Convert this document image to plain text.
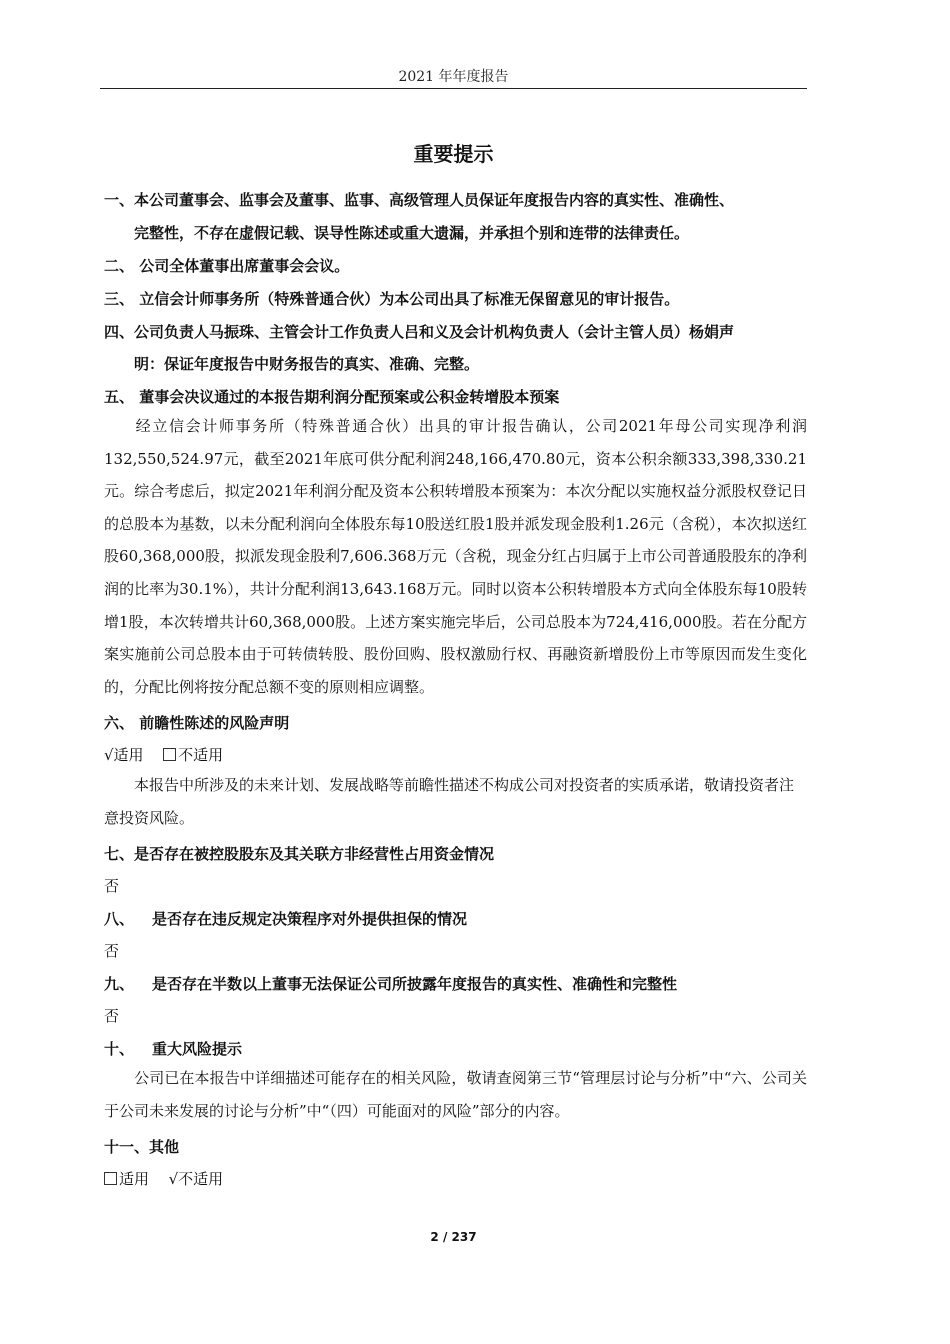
2021 年年度报告
重要提示
一、本公司董事会、监事会及董事、监事、高级管理人员保证年度报告内容的真实性、准确性、
完整性，不存在虚假记载、误导性陈述或重大遗漏，并承担个别和连带的法律责任。
二、 公司全体董事出席董事会会议。
三、 立信会计师事务所（特殊普通合伙）为本公司出具了标准无保留意见的审计报告。
四、公司负责人马振珠、主管会计工作负责人吕和义及会计机构负责人（会计主管人员）杨娟声
明：保证年度报告中财务报告的真实、准确、完整。
五、 董事会决议通过的本报告期利润分配预案或公积金转增股本预案
经立信会计师事务所（特殊普通合伙）出具的审计报告确认，公司2021年母公司实现净利润132,550,524.97元，截至2021年底可供分配利润248,166,470.80元，资本公积余额333,398,330.21元。综合考虑后，拟定2021年利润分配及资本公积转增股本预案为：本次分配以实施权益分派股权登记日的总股本为基数，以未分配利润向全体股东每10股送红股1股并派发现金股利1.26元（含税），本次拟送红股60,368,000股，拟派发现金股利7,606.368万元（含税，现金分红占归属于上市公司普通股股东的净利润的比率为30.1%），共计分配利润13,643.168万元。同时以资本公积转增股本方式向全体股东每10股转增1股，本次转增共计60,368,000股。上述方案实施完毕后，公司总股本为724,416,000股。若在分配方案实施前公司总股本由于可转债转股、股份回购、股权激励行权、再融资新增股份上市等原因而发生变化的，分配比例将按分配总额不变的原则相应调整。
六、 前瞻性陈述的风险声明
√适用 不适用
本报告中所涉及的未来计划、发展战略等前瞻性描述不构成公司对投资者的实质承诺，敬请投资者注意投资风险。
七、是否存在被控股股东及其关联方非经营性占用资金情况
否
八、 是否存在违反规定决策程序对外提供担保的情况
否
九、 是否存在半数以上董事无法保证公司所披露年度报告的真实性、准确性和完整性
否
十、 重大风险提示
公司已在本报告中详细描述可能存在的相关风险，敬请查阅第三节“管理层讨论与分析”中“六、公司关于公司未来发展的讨论与分析”中“（四）可能面对的风险”部分的内容。
十一、其他
适用 √不适用
2 / 237
